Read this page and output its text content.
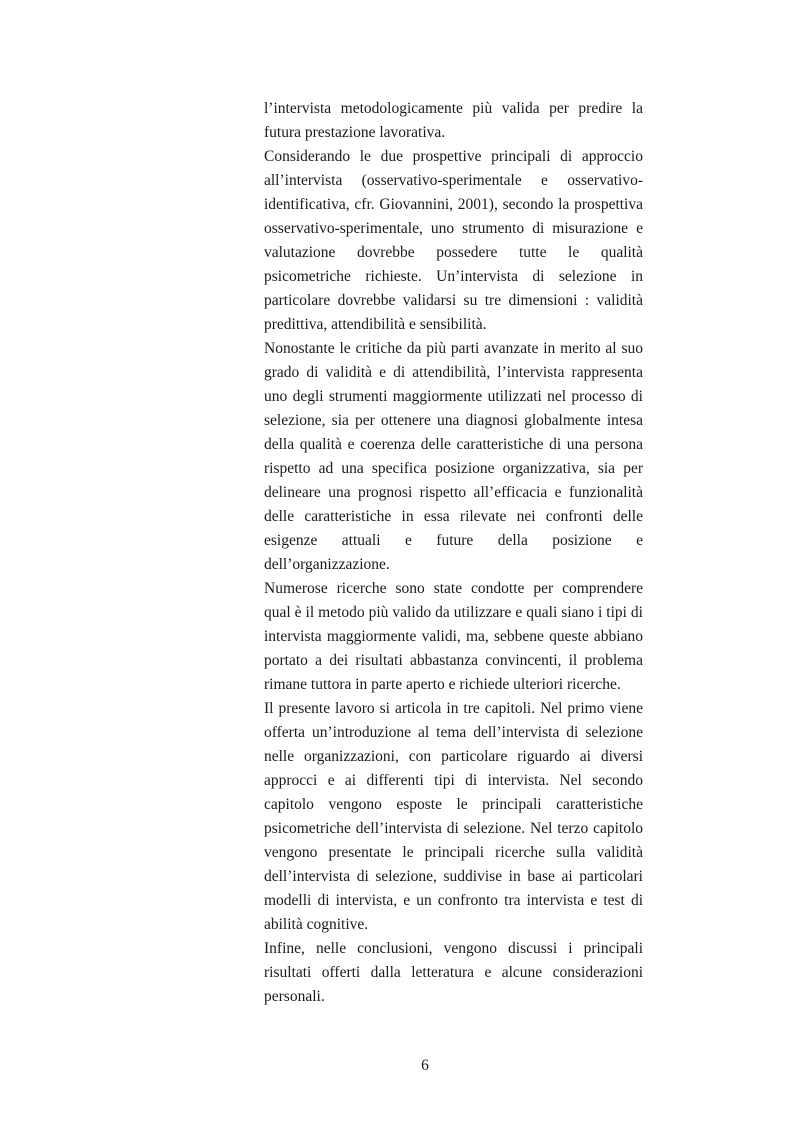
l’intervista metodologicamente più valida per predire la futura prestazione lavorativa.

Considerando le due prospettive principali di approccio all’intervista (osservativo-sperimentale e osservativo-identificativa, cfr. Giovannini, 2001), secondo la prospettiva osservativo-sperimentale, uno strumento di misurazione e valutazione dovrebbe possedere tutte le qualità psicometriche richieste. Un’intervista di selezione in particolare dovrebbe validarsi su tre dimensioni : validità predittiva, attendibilità e sensibilità.

Nonostante le critiche da più parti avanzate in merito al suo grado di validità e di attendibilità, l’intervista rappresenta uno degli strumenti maggiormente utilizzati nel processo di selezione, sia per ottenere una diagnosi globalmente intesa della qualità e coerenza delle caratteristiche di una persona rispetto ad una specifica posizione organizzativa, sia per delineare una prognosi rispetto all’efficacia e funzionalità delle caratteristiche in essa rilevate nei confronti delle esigenze attuali e future della posizione e dell’organizzazione.

Numerose ricerche sono state condotte per comprendere qual è il metodo più valido da utilizzare e quali siano i tipi di intervista maggiormente validi, ma, sebbene queste abbiano portato a dei risultati abbastanza convincenti, il problema rimane tuttora in parte aperto e richiede ulteriori ricerche.

Il presente lavoro si articola in tre capitoli. Nel primo viene offerta un’introduzione al tema dell’intervista di selezione nelle organizzazioni, con particolare riguardo ai diversi approcci e ai differenti tipi di intervista. Nel secondo capitolo vengono esposte le principali caratteristiche psicometriche dell’intervista di selezione. Nel terzo capitolo vengono presentate le principali ricerche sulla validità dell’intervista di selezione, suddivise in base ai particolari modelli di intervista, e un confronto tra intervista e test di abilità cognitive.

Infine, nelle conclusioni, vengono discussi i principali risultati offerti dalla letteratura e alcune considerazioni personali.

6
